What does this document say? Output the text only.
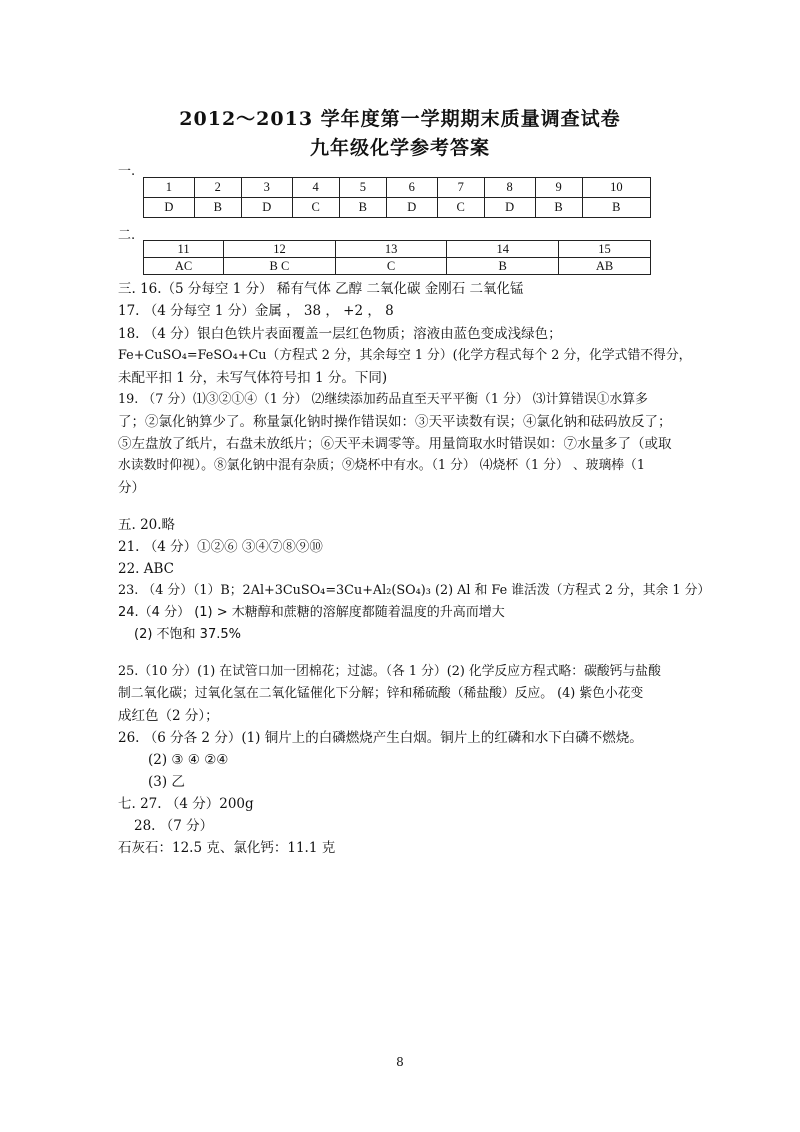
2012～2013 学年度第一学期期末质量调查试卷
九年级化学参考答案
一.
1	2	3	4	5	6	7	8	9	10
D	B	D	C	B	D	C	D	B	B
二.
11	12	13	14	15
AC	B C	C	B	AB
三. 16.（5 分每空 1 分） 稀有气体 乙醇 二氧化碳 金刚石 二氧化锰
17. （4 分每空 1 分）金属 ， 38 ， +2 ， 8
18. （4 分）银白色铁片表面覆盖一层红色物质；溶液由蓝色变成浅绿色；
Fe+CuSO₄=FeSO₄+Cu（方程式 2 分，其余每空 1 分）(化学方程式每个 2 分，化学式错不得分，
未配平扣 1 分，未写气体符号扣 1 分。下同)
19. （7 分）⑴③②①④（1 分） ⑵继续添加药品直至天平平衡（1 分） ⑶计算错误①水算多
了；②氯化钠算少了。称量氯化钠时操作错误如：③天平读数有误；④氯化钠和砝码放反了；
⑤左盘放了纸片，右盘未放纸片；⑥天平未调零等。用量筒取水时错误如：⑦水量多了（或取
水读数时仰视）。⑧氯化钠中混有杂质；⑨烧杯中有水。（1 分） ⑷烧杯（1 分） 、玻璃棒（1
分）
五. 20.略
21. （4 分）①②⑥ ③④⑦⑧⑨⑩
22. ABC
23. （4 分）（1）B；2Al+3CuSO₄=3Cu+Al₂(SO₄)₃ (2) Al 和 Fe 谁活泼（方程式 2 分，其余 1 分）
24.（4 分） (1) > 木糖醇和蔗糖的溶解度都随着温度的升高而增大
(2) 不饱和 37.5%
25.（10 分）(1) 在试管口加一团棉花；过滤。（各 1 分）(2) 化学反应方程式略：碳酸钙与盐酸
制二氧化碳；过氧化氢在二氧化锰催化下分解；锌和稀硫酸（稀盐酸）反应。 (4) 紫色小花变
成红色（2 分）；
26. （6 分各 2 分）(1) 铜片上的白磷燃烧产生白烟。铜片上的红磷和水下白磷不燃烧。
(2) ③ ④ ②④
(3) 乙
七. 27. （4 分）200g
28. （7 分）
石灰石：12.5 克、氯化钙：11.1 克
8
